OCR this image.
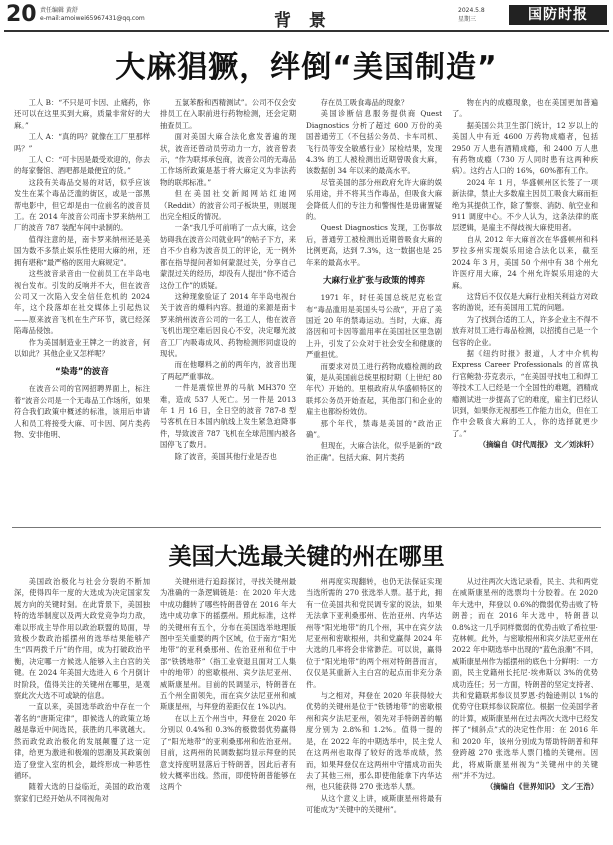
20 责任编辑 黄舒
e-mail:amoiwei65967431@qq.com	背 景
2024.5.8
星期三	国防时报
大麻猖獗，绊倒“美国制造”

工人 B：“不只是可卡因、止痛药，你还可以在这里买到大麻，质量非常好的大麻。”

工人 A：“真的吗？就像在工厂里那样吗？”

工人 C：“可卡因是最受欢迎的，你去的每家餐馆、酒吧都是最便宜的货。”

这段有关毒品交易的对话，似乎应该发生在某个毒品泛滥的街区，或是一部黑帮电影中，但它却是由一位前名的波音员工。在 2014 年波音公司南卡罗来纳州工厂的波音 787 装配车间中录制的。

值得注意的是，南卡罗来纳州还是美国为数不多禁止娱乐性使用大麻的州，还拥有堪称“最严格的医用大麻规定”。

这些波音录音由一位前员工在半岛电视台发布。引发的反响并不大，但在波音公司又一次陷入安全信任危机的 2024 年，这个段落却在社交媒体上引起热议——原来波音飞机在生产环节，就已经深陷毒品侵蚀。

作为美国制造业王牌之一的波音，何以如此？其他企业又怎样呢？

“染毒”的波音

在波音公司的官网招聘界面上，标注着“波音公司是一个无毒品工作场所，如果符合我们政策中概述的标准，该用后申请人和员工将接受大麻、可卡因、阿片类药物、安非他明、

五氯苯酚和西精测试”。公司不仅会安排员工在入职前进行药物检测，还会定期抽查员工。

面对美国大麻合法化愈发普遍的现状，波音还曾动员劳动力一方，波音曾表示，“作为联邦承包商，波音公司的无毒品工作场所政策是基于将大麻定义为非法药物的联邦标准。”

但在美国社交新闻网站红迪网（Reddit）的波音公司子板块里，则展现出完全相反的情况。

一条“我几乎可前哨了一点大麻，这会妨碍我在波音公司就业吗”的帖子下方，来自不少自称为波音员工的评论，无一例外都在指导提问者如何蒙混过关，分享自己蒙混过关的经历，却没有人提出“你不适合这份工作”的质疑。

这种现象验证了 2014 年半岛电视台关于波音的爆料内容。报道的来源是南卡罗来纳州波音公司的一名工人，他在波音飞机出现空难后因良心不安，决定曝光波音工厂内吸毒成风、药物检测形同虚设的现状。

而在他曝料之前的两年内，波音出现了两起严重事故。

一件是震惊世界的马航 MH370 空难，造成 537 人死亡。另一件是 2013 年 1 月 16 日，全日空的波音 787-8 型号客机在日本国内航线上发生紧急迫降事件，导致波音 787 飞机在全球范围内被各国停飞了数月。

除了波音，美国其他行业是否也

存在员工吸食毒品的现象？

美国诊断信息服务提供商 Quest Diagnostics 分析了超过 600 万份的美国普通劳工（不包括公务员、卡车司机、飞行员等安全敏感行业）尿检结果，发现 4.3% 的工人被检测出近期曾吸食大麻，该数据创 34 年以来的最高水平。

尽管美国的部分州政府允许大麻的娱乐用途，并不将其当作毒品，但吸食大麻会降低人们的专注力和警惕性是毋庸置疑的。

Quest Diagnostics 发现，工伤事故后，普通劳工被检测出近期曾吸食大麻的比例更高，达到 7.3%，这一数据也是 25 年来的最高水平。

大麻行业扩张与政策的博弈

1971 年，时任美国总统尼克松宣布“毒品滥用是美国头号公敌”，开启了美国近 20 年的禁毒运动。当时，大麻、海洛因和可卡因等滥用率在美国社区里急剧上升，引发了公众对于社会安全和健康的严重担忧。

而要求对员工进行药物成瘾检测的政策，是从美国前总统里根时期（上世纪 80 年代）开始的。里根政府从华盛顿特区的联邦公务员开始查起，其他部门和企业的雇主也都纷纷效仿。

那个年代，禁毒是美国的“政治正确”。

但现在，大麻合法化，似乎是新的“政治正确”。包括大麻、阿片类药

物在内的成瘾现象，也在美国更加普遍了。

据美国公共卫生部门统计，12 岁以上的美国人中有近 4600 万药物成瘾者，包括 2950 万人患有酒精成瘾，和 2400 万人患有药物成瘾（730 万人同时患有这两种疾病）。这约占人口的 16%，60%都有工作。

2024 年 1 月，华盛顿州区长签了一项新法律，禁止大多数雇主因员工吸食大麻而拒绝为其提供工作，除了警察、消防、航空业和 911 调度中心。不少人认为，这条法律的底层逻辑，是雇主不得歧视大麻使用者。

自从 2012 年大麻首次在华盛顿州和科罗拉多州实现娱乐用途合法化以来，截至 2024 年 3 月，美国 50 个州中有 38 个州允许医疗用大麻，24 个州允许娱乐用途的大麻。

这背后不仅仅是大麻行业相关利益方对政客的游说，还有美国用工荒的问题。

为了找到合适的工人，许多企业主不得不放弃对员工进行毒品检测，以招揽自己是一个包容的企业。

据《纽约时报》报道，人才中介机构 Express Career Professionals 的首席执行官鲍勃·芬克表示，“在美国寻找电工和焊工等技术工人已经是一个全国性的难题，酒精成瘾测试进一步提高了它的难度，雇主们已经认识到，如果你无视那些工作能力出众，但在工作中会吸食大麻的工人，你的选择就更少了。”

（摘编自《时代周报》 文／刘沫轩）

美国大选最关键的州在哪里

美国政治极化与社会分裂的不断加深，使得四年一度的大选成为决定国家发展方向的关键时刻。在此背景下，美国独特的选举制度以及两大政党竞争均力敌，难以形成主导作用以政治联盟的局面，导致极少数政治摇摆州的选举结果能够产生“四两拨千斤”的作用，成为打破政治平衡，决定哪一方候选人能够入主白宫的关键。在 2024 年美国大选进入 6 个月倒计时阶段，值得关注的关键州在哪里，是观察此次大选不可或缺的信息。

一直以来，美国选举政治中存在一个著名的“唐斯定律”，即候选人的政策立场越是靠近中间选民，获胜的几率就越大。然而政党政治极化的发展颠覆了这一定律，给更为激进和极端的思潮及其政策创造了登堂入室的机会，最终形成一种恶性循环。

随着大选的日益临近，美国的政治观察家们已经开始从不同视角对

关键州进行追踪探讨，寻找关键州最为准确的一条逻辑链是：在 2020 年大选中成功翻转了哪些特朗普曾在 2016 年大选中成功拿下的摇摆州。照此标准，这样的关键州有五个，分布在美国选举地理版图中至关重要的两个区域，位于南方“阳光地带”的亚利桑那州、佐治亚州和位于中部“铁锈地带”（指工业衰退且面对工人集中的地带）的密歇根州、宾夕法尼亚州、威斯康星州。目前的民调显示，特朗普在五个州全面领先，而在宾夕法尼亚州和威斯康星州，与拜登的差距仅在 1%以内。

在以上五个州当中，拜登在 2020 年分别以 0.4%和 0.3%的极微弱优势赢得了“阳光地带”的亚利桑那州和佐治亚州。目前，这两州的民调数据均显示拜登的民意支持度明显落后于特朗普，因此后者有较大概率出线。然而，即使特朗普能够在这两个

州再度实现翻转，也仍无法保证实现当选所需的 270 张选举人票。基于此，拥有一位美国共和党民调专家的说法，如果无法拿下亚利桑那州、佐治亚州、内华达州等“阳光地带”的几个州，其中在宾夕法尼亚州和密歇根州，共和党赢得 2024 年大选的几率将会非常渺茫。可以说，赢得位于“阳光地带”的两个州对特朗普而言，仅仅是其重新入主白宫的起点而非充分条件。

与之相对，拜登在 2020 年获得较大优势的关键州是位于“铁锈地带”的密歇根州和宾夕法尼亚州，领先对手特朗普的幅度分别为 2.8%和 1.2%。值得一提的是，在 2022 年的中期选举中，民主党人在这两州也取得了较好的选举成绩，然而，如果拜登仅在这两州中守擂成功而失去了其他三州，那么即使他能拿下内华达州，也只能获得 270 张选举人票。

从这个意义上讲，威斯康星州将最有可能成为“关键中的关键州”。

从过往两次大选记录看，民主、共和两党在威斯康星州的选票均十分胶着。在 2020 年大选中，拜登以 0.6%的微弱优势击败了特朗普；而在 2016 年大选中，特朗普以 0.8%这一几乎同样微弱的优势击败了希拉里·克林顿。此外，与密歇根州和宾夕法尼亚州在 2022 年中期选举中出现的“蓝色浪潮”不同，威斯康星州作为摇摆州的底色十分鲜明：一方面，民主党籍州长托尼·埃弗斯以 3%的优势成功连任；另一方面，特朗普的坚定支持者、共和党籍联邦参议员罗恩·约翰逊则以 1%的优势守住联邦参议院席位。根据一位美国学者的计算，威斯康星州在过去两次大选中已经发挥了“倾斜点”式的决定性作用：在 2016 年和 2020 年，该州分别成为帮助特朗普和拜登跨越 270 张选举人票门槛的关键州。因此，将威斯康星州视为“关键州中的关键州”并不为过。

（摘编自《世界知识》 文／王浩）
